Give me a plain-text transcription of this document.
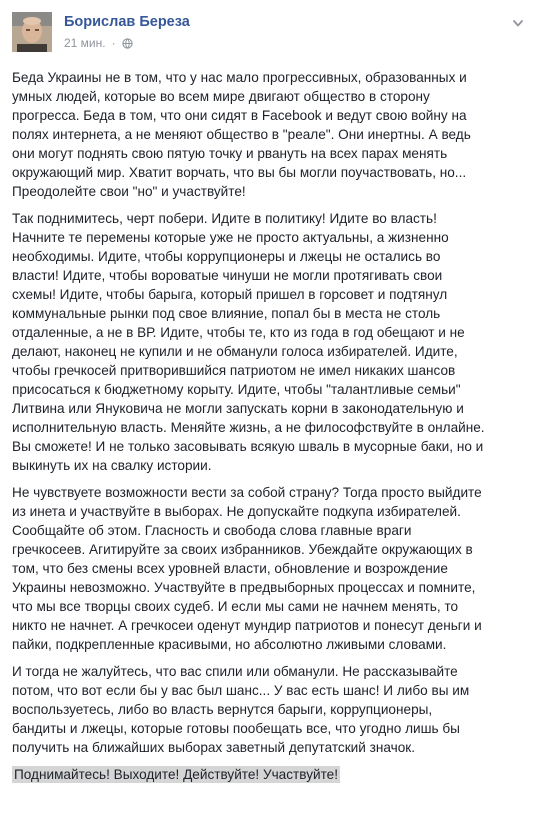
Борислав Береза
21 мин. ·

Беда Украины не в том, что у нас мало прогрессивных, образованных и
умных людей, которые во всем мире двигают общество в сторону
прогресса. Беда в том, что они сидят в Facebook и ведут свою войну на
полях интернета, а не меняют общество в "реале". Они инертны. А ведь
они могут поднять свою пятую точку и рвануть на всех парах менять
окружающий мир. Хватит ворчать, что вы бы могли поучаствовать, но...
Преодолейте свои "но" и участвуйте!

Так поднимитесь, черт побери. Идите в политику! Идите во власть!
Начните те перемены которые уже не просто актуальны, а жизненно
необходимы. Идите, чтобы коррупционеры и лжецы не остались во
власти! Идите, чтобы вороватые чинуши не могли протягивать свои
схемы! Идите, чтобы барыга, который пришел в горсовет и подтянул
коммунальные рынки под свое влияние, попал бы в места не столь
отдаленные, а не в ВР. Идите, чтобы те, кто из года в год обещают и не
делают, наконец не купили и не обманули голоса избирателей. Идите,
чтобы гречкосей притворившийся патриотом не имел никаких шансов
присосаться к бюджетному корыту. Идите, чтобы "талантливые семьи"
Литвина или Януковича не могли запускать корни в законодательную и
исполнительную власть. Меняйте жизнь, а не философствуйте в онлайне.
Вы сможете! И не только засовывать всякую шваль в мусорные баки, но и
выкинуть их на свалку истории.

Не чувствуете возможности вести за собой страну? Тогда просто выйдите
из инета и участвуйте в выборах. Не допускайте подкупа избирателей.
Сообщайте об этом. Гласность и свобода слова главные враги
гречкосеев. Агитируйте за своих избранников. Убеждайте окружающих в
том, что без смены всех уровней власти, обновление и возрождение
Украины невозможно. Участвуйте в предвыборных процессах и помните,
что мы все творцы своих судеб. И если мы сами не начнем менять, то
никто не начнет. А гречкосеи оденут мундир патриотов и понесут деньги и
пайки, подкрепленные красивыми, но абсолютно лживыми словами.

И тогда не жалуйтесь, что вас спили или обманули. Не рассказывайте
потом, что вот если бы у вас был шанс... У вас есть шанс! И либо вы им
воспользуетесь, либо во власть вернутся барыги, коррупционеры,
бандиты и лжецы, которые готовы пообещать все, что угодно лишь бы
получить на ближайших выборах заветный депутатский значок.

Поднимайтесь! Выходите! Действуйте! Участвуйте!
